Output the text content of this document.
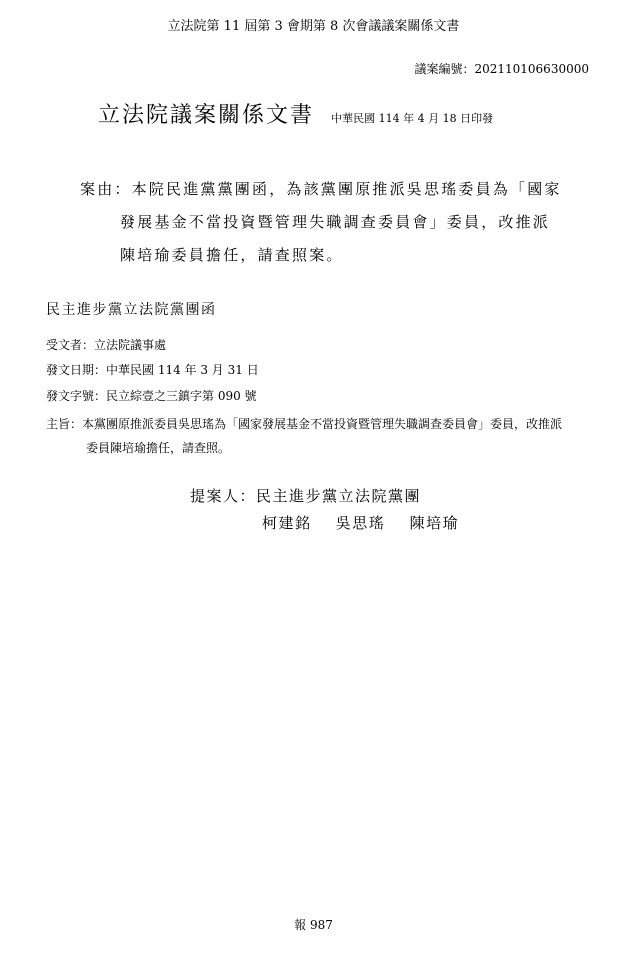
立法院第 11 屆第 3 會期第 8 次會議議案關係文書
議案編號：202110106630000
立法院議案關係文書 中華民國 114 年 4 月 18 日印發
案由：本院民進黨黨團函，為該黨團原推派吳思瑤委員為「國家
發展基金不當投資暨管理失職調查委員會」委員，改推派
陳培瑜委員擔任，請查照案。
民主進步黨立法院黨團函
受文者：立法院議事處
發文日期：中華民國 114 年 3 月 31 日
發文字號：民立綜壹之三鎮字第 090 號
主旨：本黨團原推派委員吳思瑤為「國家發展基金不當投資暨管理失職調查委員會」委員，改推派
委員陳培瑜擔任，請查照。
提案人：民主進步黨立法院黨團
柯建銘 吳思瑤 陳培瑜
報 987
